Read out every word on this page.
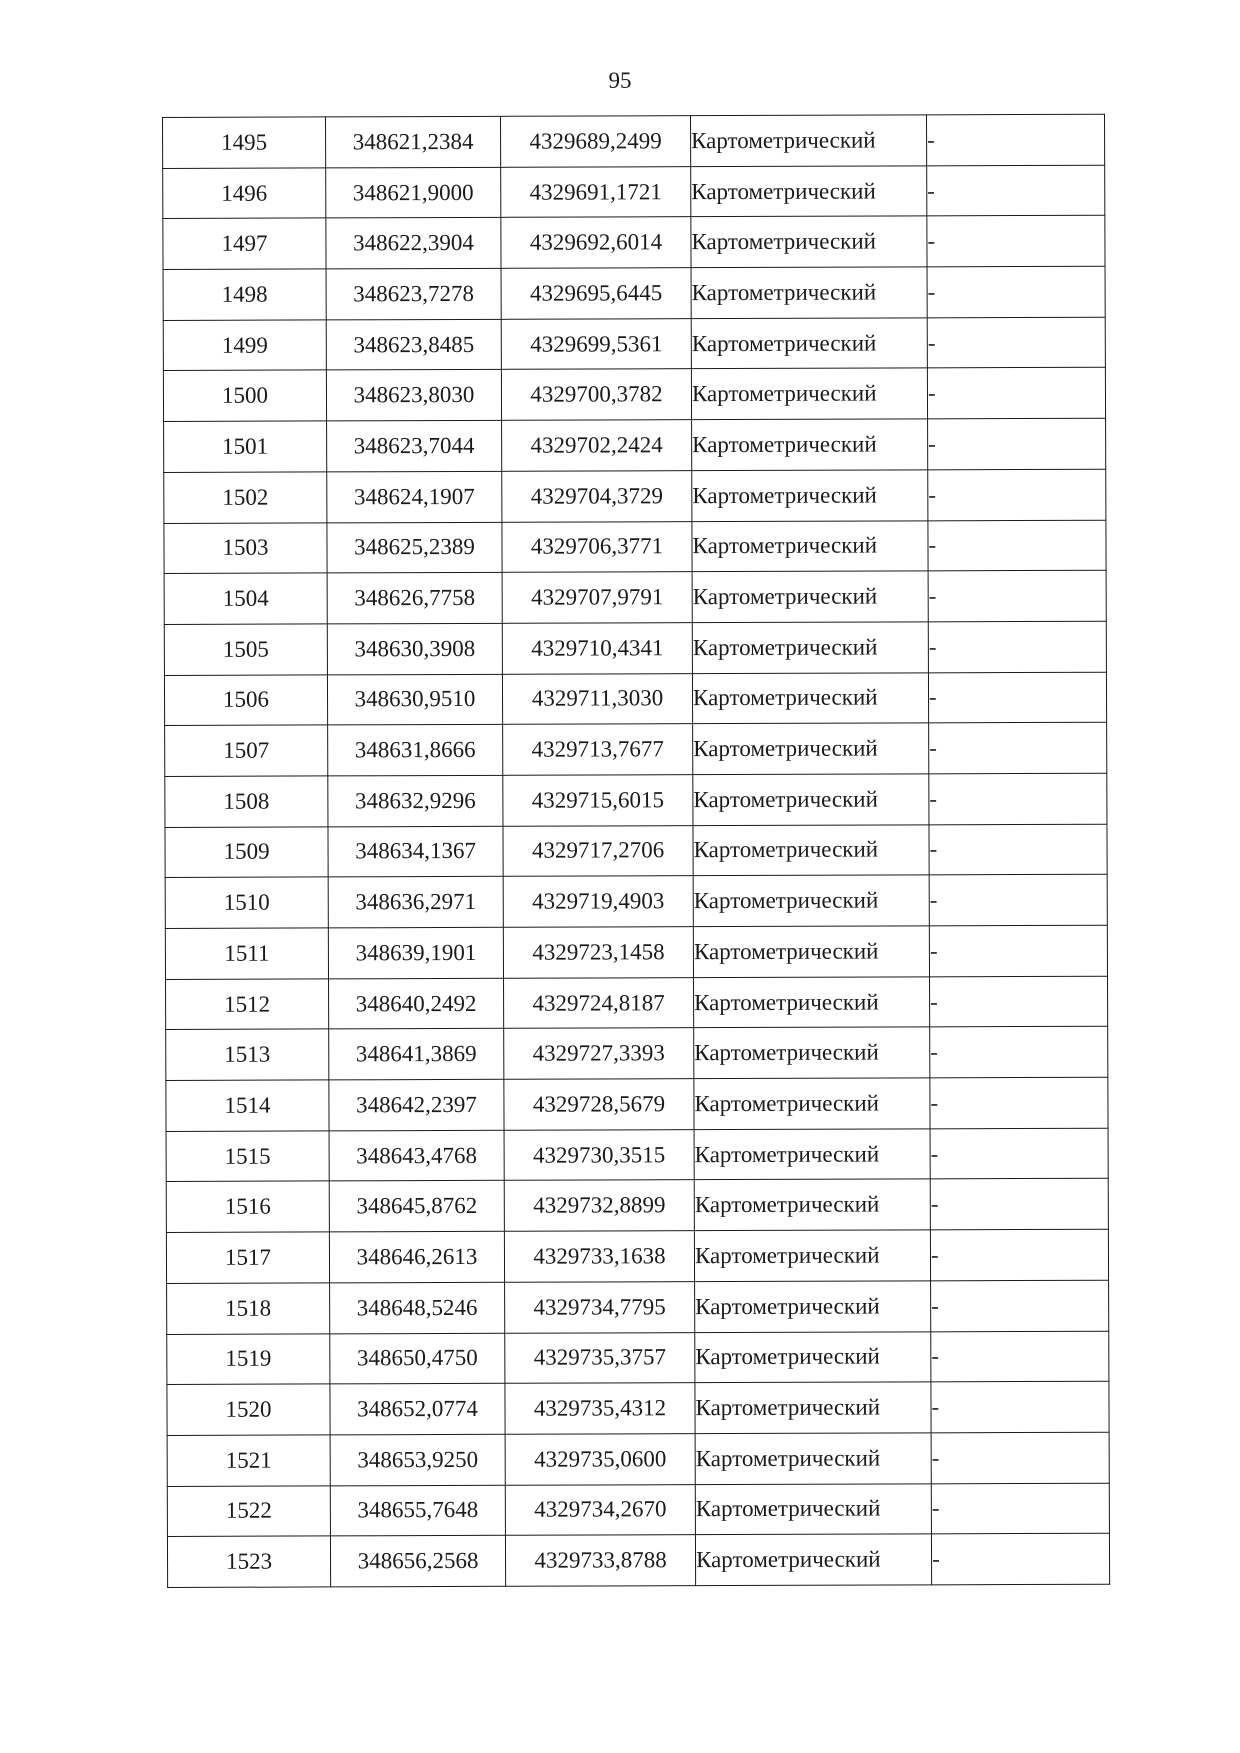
95
1495	348621,2384	4329689,2499	Картометрический	-
1496	348621,9000	4329691,1721	Картометрический	-
1497	348622,3904	4329692,6014	Картометрический	-
1498	348623,7278	4329695,6445	Картометрический	-
1499	348623,8485	4329699,5361	Картометрический	-
1500	348623,8030	4329700,3782	Картометрический	-
1501	348623,7044	4329702,2424	Картометрический	-
1502	348624,1907	4329704,3729	Картометрический	-
1503	348625,2389	4329706,3771	Картометрический	-
1504	348626,7758	4329707,9791	Картометрический	-
1505	348630,3908	4329710,4341	Картометрический	-
1506	348630,9510	4329711,3030	Картометрический	-
1507	348631,8666	4329713,7677	Картометрический	-
1508	348632,9296	4329715,6015	Картометрический	-
1509	348634,1367	4329717,2706	Картометрический	-
1510	348636,2971	4329719,4903	Картометрический	-
1511	348639,1901	4329723,1458	Картометрический	-
1512	348640,2492	4329724,8187	Картометрический	-
1513	348641,3869	4329727,3393	Картометрический	-
1514	348642,2397	4329728,5679	Картометрический	-
1515	348643,4768	4329730,3515	Картометрический	-
1516	348645,8762	4329732,8899	Картометрический	-
1517	348646,2613	4329733,1638	Картометрический	-
1518	348648,5246	4329734,7795	Картометрический	-
1519	348650,4750	4329735,3757	Картометрический	-
1520	348652,0774	4329735,4312	Картометрический	-
1521	348653,9250	4329735,0600	Картометрический	-
1522	348655,7648	4329734,2670	Картометрический	-
1523	348656,2568	4329733,8788	Картометрический	-
